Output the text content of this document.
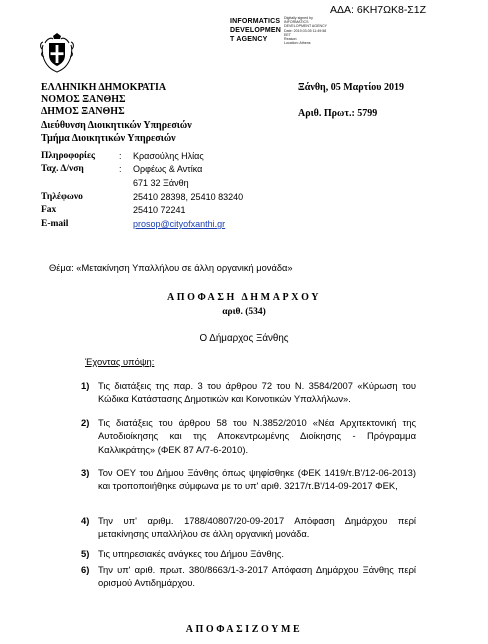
ΑΔΑ: 6ΚΗ7ΩΚ8-Σ1Ζ
INFORMATICS
DEVELOPMEN
T AGENCY
Digitally signed by
INFORMATICS
DEVELOPMENT AGENCY
Date: 2019.03.05 11:49:58
EET
Reason:
Location: Athens
ΕΛΛΗΝΙΚΗ ΔΗΜΟΚΡΑΤΙΑ
ΝΟΜΟΣ ΞΑΝΘΗΣ
ΔΗΜΟΣ ΞΑΝΘΗΣ
Διεύθυνση Διοικητικών Υπηρεσιών
Τμήμα Διοικητικών Υπηρεσιών
Ξάνθη, 05 Μαρτίου 2019
Αριθ. Πρωτ.: 5799
Πληροφορίες	: Κρασούλης Ηλίας
Ταχ. Δ/νση	: Ορφέως & Αντίκα
671 32 Ξάνθη
Τηλέφωνο	25410 28398, 25410 83240
Fax	25410 72241
E-mail	prosop@cityofxanthi.gr
Θέμα: «Μετακίνηση Υπαλλήλου σε άλλη οργανική μονάδα»
ΑΠΟΦΑΣΗ ΔΗΜΑΡΧΟΥ
αριθ. (534)
Ο Δήμαρχος Ξάνθης
Έχοντας υπόψη:
1) Τις διατάξεις της παρ. 3 του άρθρου 72 του Ν. 3584/2007 «Κύρωση του Κώδικα Κατάστασης Δημοτικών και Κοινοτικών Υπαλλήλων».
2) Τις διατάξεις του άρθρου 58 του Ν.3852/2010 «Νέα Αρχιτεκτονική της Αυτοδιοίκησης και της Αποκεντρωμένης Διοίκησης - Πρόγραμμα Καλλικράτης» (ΦΕΚ 87 Α/7-6-2010).
3) Τον ΟΕΥ του Δήμου Ξάνθης όπως ψηφίσθηκε (ΦΕΚ 1419/τ.Β'/12-06-2013) και τροποποιήθηκε σύμφωνα με το υπ' αριθ. 3217/τ.Β'/14-09-2017 ΦΕΚ,
4) Την υπ' αριθμ. 1788/40807/20-09-2017 Απόφαση Δημάρχου περί μετακίνησης υπαλλήλου σε άλλη οργανική μονάδα.
5) Τις υπηρεσιακές ανάγκες του Δήμου Ξάνθης.
6) Την υπ' αριθ. πρωτ. 380/8663/1-3-2017 Απόφαση Δημάρχου Ξάνθης περί ορισμού Αντιδημάρχου.
ΑΠΟΦΑΣΙΖΟΥΜΕ
